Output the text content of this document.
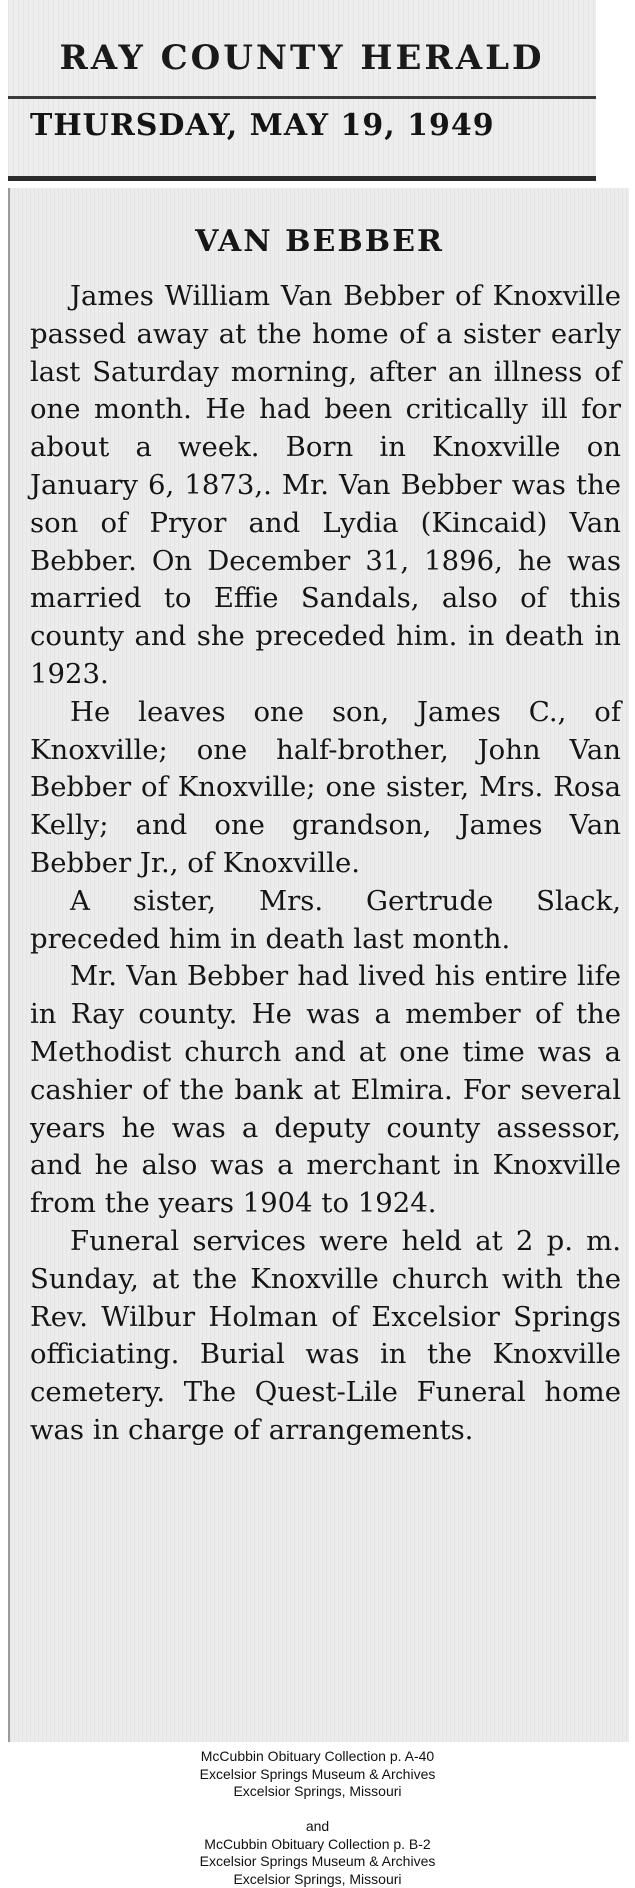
RAY COUNTY HERALD
THURSDAY, MAY 19, 1949
VAN BEBBER

James William Van Bebber of Knoxville passed away at the home of a sister early last Saturday morning, after an illness of one month. He had been critically ill for about a week. Born in Knoxville on January 6, 1873,. Mr. Van Bebber was the son of Pryor and Lydia (Kincaid) Van Bebber. On December 31, 1896, he was married to Effie Sandals, also of this county and she preceded him. in death in 1923.

He leaves one son, James C., of Knoxville; one half-brother, John Van Bebber of Knoxville; one sister, Mrs. Rosa Kelly; and one grandson, James Van Bebber Jr., of Knoxville.

A sister, Mrs. Gertrude Slack, preceded him in death last month.

Mr. Van Bebber had lived his entire life in Ray county. He was a member of the Methodist church and at one time was a cashier of the bank at Elmira. For several years he was a deputy county assessor, and he also was a merchant in Knoxville from the years 1904 to 1924.

Funeral services were held at 2 p. m. Sunday, at the Knoxville church with the Rev. Wilbur Holman of Excelsior Springs officiating. Burial was in the Knoxville cemetery. The Quest-Lile Funeral home was in charge of arrangements.

McCubbin Obituary Collection p. A-40
Excelsior Springs Museum & Archives
Excelsior Springs, Missouri
and
McCubbin Obituary Collection p. B-2
Excelsior Springs Museum & Archives
Excelsior Springs, Missouri
